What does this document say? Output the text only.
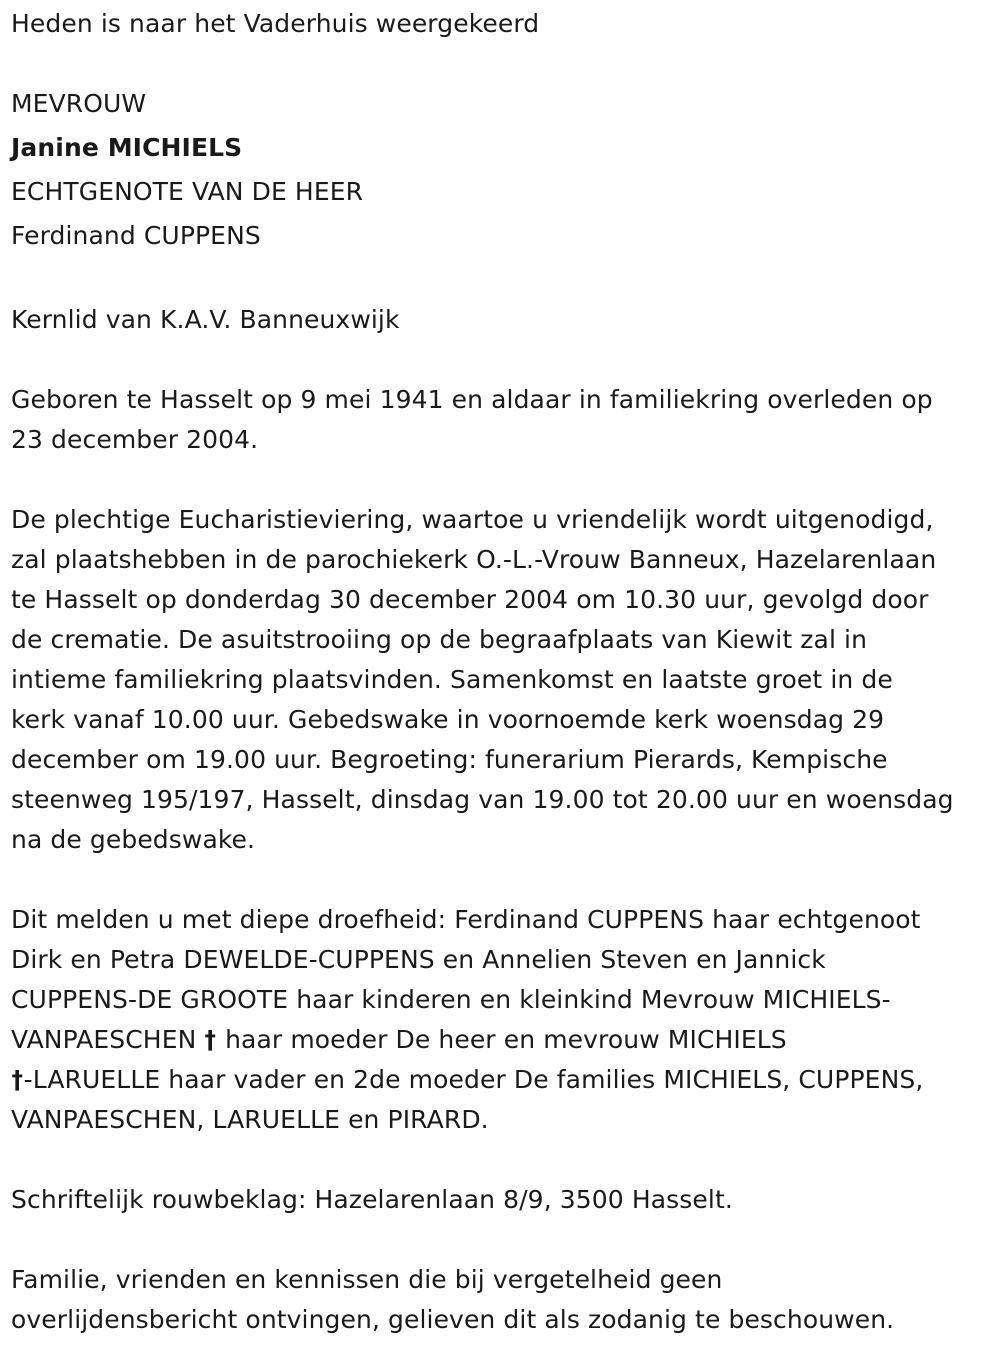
Heden is naar het Vaderhuis weergekeerd

MEVROUW

Janine MICHIELS

ECHTGENOTE VAN DE HEER

Ferdinand CUPPENS

Kernlid van K.A.V. Banneuxwijk

Geboren te Hasselt op 9 mei 1941 en aldaar in familiekring overleden op

23 december 2004.

De plechtige Eucharistieviering, waartoe u vriendelijk wordt uitgenodigd,

zal plaatshebben in de parochiekerk O.-L.-Vrouw Banneux, Hazelarenlaan

te Hasselt op donderdag 30 december 2004 om 10.30 uur, gevolgd door

de crematie. De asuitstrooiing op de begraafplaats van Kiewit zal in

intieme familiekring plaatsvinden. Samenkomst en laatste groet in de

kerk vanaf 10.00 uur. Gebedswake in voornoemde kerk woensdag 29

december om 19.00 uur. Begroeting: funerarium Pierards, Kempische

steenweg 195/197, Hasselt, dinsdag van 19.00 tot 20.00 uur en woensdag

na de gebedswake.

Dit melden u met diepe droefheid: Ferdinand CUPPENS haar echtgenoot

Dirk en Petra DEWELDE-CUPPENS en Annelien Steven en Jannick

CUPPENS-DE GROOTE haar kinderen en kleinkind Mevrouw MICHIELS-

VANPAESCHEN † haar moeder De heer en mevrouw MICHIELS

†-LARUELLE haar vader en 2de moeder De families MICHIELS, CUPPENS,

VANPAESCHEN, LARUELLE en PIRARD.

Schriftelijk rouwbeklag: Hazelarenlaan 8/9, 3500 Hasselt.

Familie, vrienden en kennissen die bij vergetelheid geen

overlijdensbericht ontvingen, gelieven dit als zodanig te beschouwen.
